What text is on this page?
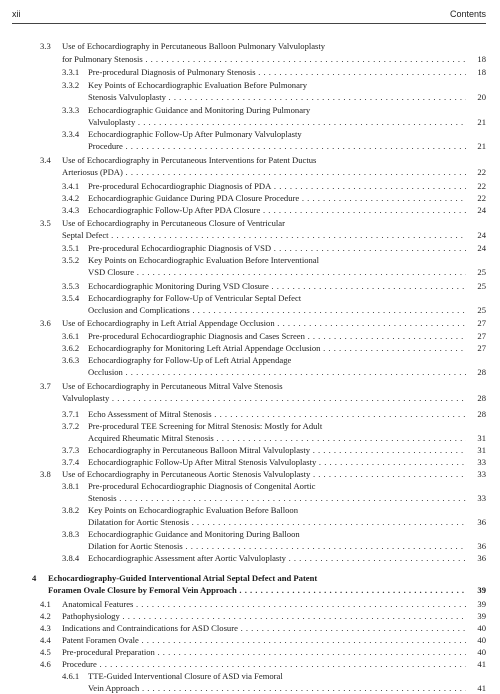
xii	Contents
3.3 Use of Echocardiography in Percutaneous Balloon Pulmonary Valvuloplasty
for Pulmonary Stenosis . . .	18
3.3.1 Pre-procedural Diagnosis of Pulmonary Stenosis . . .	18
3.3.2 Key Points of Echocardiographic Evaluation Before Pulmonary
Stenosis Valvuloplasty . . .	20
3.3.3 Echocardiographic Guidance and Monitoring During Pulmonary
Valvuloplasty . . .	21
3.3.4 Echocardiographic Follow-Up After Pulmonary Valvuloplasty
Procedure . . .	21
3.4 Use of Echocardiography in Percutaneous Interventions for Patent Ductus
Arteriosus (PDA) . . .	22
3.4.1 Pre-procedural Echocardiographic Diagnosis of PDA . . .	22
3.4.2 Echocardiographic Guidance During PDA Closure Procedure . . .	22
3.4.3 Echocardiographic Follow-Up After PDA Closure . . .	24
3.5 Use of Echocardiography in Percutaneous Closure of Ventricular
Septal Defect . . .	24
3.5.1 Pre-procedural Echocardiographic Diagnosis of VSD . . .	24
3.5.2 Key Points on Echocardiographic Evaluation Before Interventional
VSD Closure . . .	25
3.5.3 Echocardiographic Monitoring During VSD Closure . . .	25
3.5.4 Echocardiography for Follow-Up of Ventricular Septal Defect
Occlusion and Complications . . .	25
3.6 Use of Echocardiography in Left Atrial Appendage Occlusion . . .	27
3.6.1 Pre-procedural Echocardiographic Diagnosis and Cases Screen . . .	27
3.6.2 Echocardiography for Monitoring Left Atrial Appendage Occlusion . . .	27
3.6.3 Echocardiography for Follow-Up of Left Atrial Appendage
Occlusion . . .	28
3.7 Use of Echocardiography in Percutaneous Mitral Valve Stenosis
Valvuloplasty . . .	28
3.7.1 Echo Assessment of Mitral Stenosis . . .	28
3.7.2 Pre-procedural TEE Screening for Mitral Stenosis: Mostly for Adult
Acquired Rheumatic Mitral Stenosis . . .	31
3.7.3 Echocardiography in Percutaneous Balloon Mitral Valvuloplasty . . .	31
3.7.4 Echocardiographic Follow-Up After Mitral Stenosis Valvuloplasty . . .	33
3.8 Use of Echocardiography in Percutaneous Aortic Stenosis Valvuloplasty . . .	33
3.8.1 Pre-procedural Echocardiographic Diagnosis of Congenital Aortic
Stenosis . . .	33
3.8.2 Key Points on Echocardiographic Evaluation Before Balloon
Dilatation for Aortic Stenosis . . .	36
3.8.3 Echocardiographic Guidance and Monitoring During Balloon
Dilation for Aortic Stenosis . . .	36
3.8.4 Echocardiographic Assessment after Aortic Valvuloplasty . . .	36
4 Echocardiography-Guided Interventional Atrial Septal Defect and Patent
Foramen Ovale Closure by Femoral Vein Approach . . .	39
4.1 Anatomical Features . . .	39
4.2 Pathophysiology . . .	39
4.3 Indications and Contraindications for ASD Closure . . .	40
4.4 Patent Foramen Ovale . . .	40
4.5 Pre-procedural Preparation . . .	40
4.6 Procedure . . .	41
4.6.1 TTE-Guided Interventional Closure of ASD via Femoral
Vein Approach . . .	41
